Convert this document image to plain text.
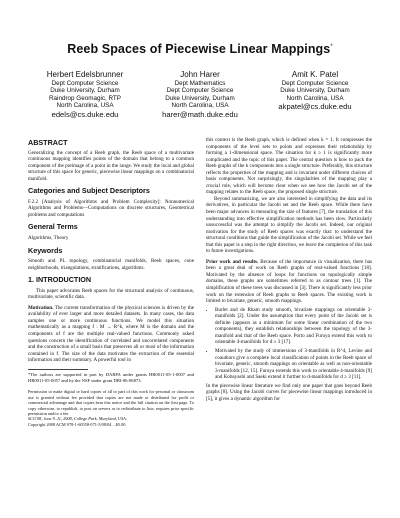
Reeb Spaces of Piecewise Linear Mappings*
Herbert Edelsbrunner
Dept Computer Science
Duke University, Durham
Raindrop Geomagic, RTP
North Carolina, USA
edels@cs.duke.edu
John Harer
Dept Mathematics
Dept Computer Science
Duke University, Durham
North Carolina, USA
harer@math.duke.edu
Amit K. Patel
Dept Computer Science
Duke University, Durham
North Carolina, USA
akpatel@cs.duke.edu
ABSTRACT

Generalizing the concept of a Reeb graph, the Reeb space of a multivariate continuous mapping identifies points of the domain that belong to a common component of the preimage of a point in the range. We study the local and global structure of this space for generic, piecewise linear mappings on a combinatorial manifold.

Categories and Subject Descriptors

F.2.2 [Analysis of Algorithms and Problem Complexity]: Nonnumerical Algorithms and Problems—Computations on discrete structures, Geometrical problems and computations

General Terms

Algorithms, Theory

Keywords

Smooth and PL topology, combinatorial manifolds, Reeb spaces, cone neighborhoods, triangulations, stratifications, algorithms.

1. INTRODUCTION

This paper advocates Reeb spaces for the structural analysis of continuous, multivariate, scientific data.

Motivation. The current transformation of the physical sciences is driven by the availability of ever larger and more detailed datasets. In many cases, the data samples one or more continuous functions. We model this situation mathematically as a mapping f : M → R^k, where M is the domain and the components of f are the multiple real-valued functions. Commonly asked questions concern the identification of correlated and uncorrelated components and the construction of a small basis that preserves all or most of the information contained in f. The size of the data motivates the extraction of the essential information and their summary. A powerful tool in

*The authors are supported in part by DARPA under grants HR0011-05-1-0007 and HR0011-05-0057 and by the NSF under grant DBI-06-06873.
Permission to make digital or hard copies of all or part of this work for personal or classroom use is granted without fee provided that copies are not made or distributed for profit or commercial advantage and that copies bear this notice and the full citation on the first page. To copy otherwise, to republish, to post on servers or to redistribute to lists, requires prior specific permission and/or a fee.
SCG'08, June 9–11, 2008, College Park, Maryland, USA.
Copyright 2008 ACM 978-1-60558-071-5/08/04 ...$5.00.

this context is the Reeb graph, which is defined when k = 1. It compresses the components of the level sets to points and expresses their relationship by forming a 1-dimensional space. The situation for k ≥ 1 is significantly more complicated and the topic of this paper. The central question is how to pack the Reeb graphs of the k components into a single structure. Preferably, this structure reflects the properties of the mapping and is invariant under different choices of basis components. Not surprisingly, the singularities of the mapping play a crucial role, which will become clear when we see how the Jacobi set of the mapping relates to the Reeb space, the proposed single structure.

Beyond summarizing, we are also interested in simplifying the data and its derivatives, in particular the Jacobi set and the Reeb space. While there have been major advances in measuring the size of features [7], the translation of this understanding into effective simplification methods has been slow. Particularly unsuccessful was the attempt to simplify the Jacobi set. Indeed, our original motivation for the study of Reeb spaces was exactly that: to understand the structural conditions that guide the simplification of the Jacobi set. While we feel that this paper is a step in the right direction, we leave the completion of this task to future investigations.

Prior work and results. Because of the importance in visualization, there has been a great deal of work on Reeb graphs of real-valued functions [18]. Motivated by the absence of loops for functions on topologically simple domains, these graphs are sometimes referred to as contour trees [1]. The simplification of these trees was discussed in [3]. There is significantly less prior work on the extension of Reeb graphs to Reeb spaces. The existing work is limited to bivariate, generic, smooth mappings.

• Burlet and de Rham study smooth, bivariate mappings on orientable 3-manifolds [2]. Under the assumption that every point of the Jacobi set is definite (appears as a minimum for some linear combination of the two components), they establish relationships between the topology of the 3-manifold and that of the Reeb space. Porto and Furuya extend this work to orientable 4-manifolds for d ≥ 3 [17].
• Motivated by the study of immersions of 3-manifolds in R^4, Levine and coauthors give a complete local classification of points in the Reeb space of bivariate, generic, smooth mappings on orientable as well as non-orientable 3-manifolds [12, 15]. Furuya extends this work to orientable 4-manifolds [9] and Kobayashi and Saeki extend it further to d-manifolds for d ≥ 3 [11].

In the piecewise linear literature we find only one paper that goes beyond Reeb graphs [8]. Using the Jacobi curves for piecewise linear mappings introduced in [5], it gives a dynamic algorithm for
